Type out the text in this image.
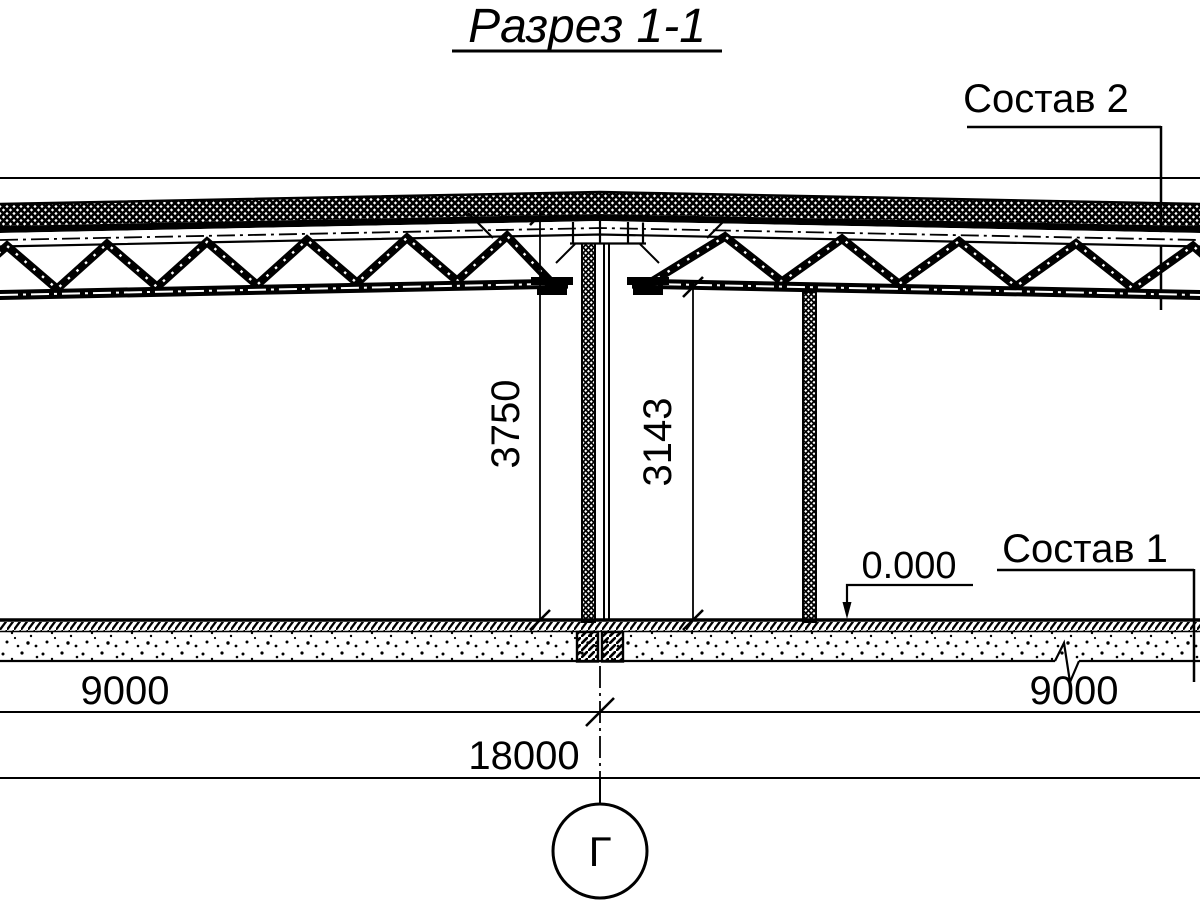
Разрез 1-1
Состав 2
3750	3143
0.000 Состав 1
9000	9000
18000
Г
